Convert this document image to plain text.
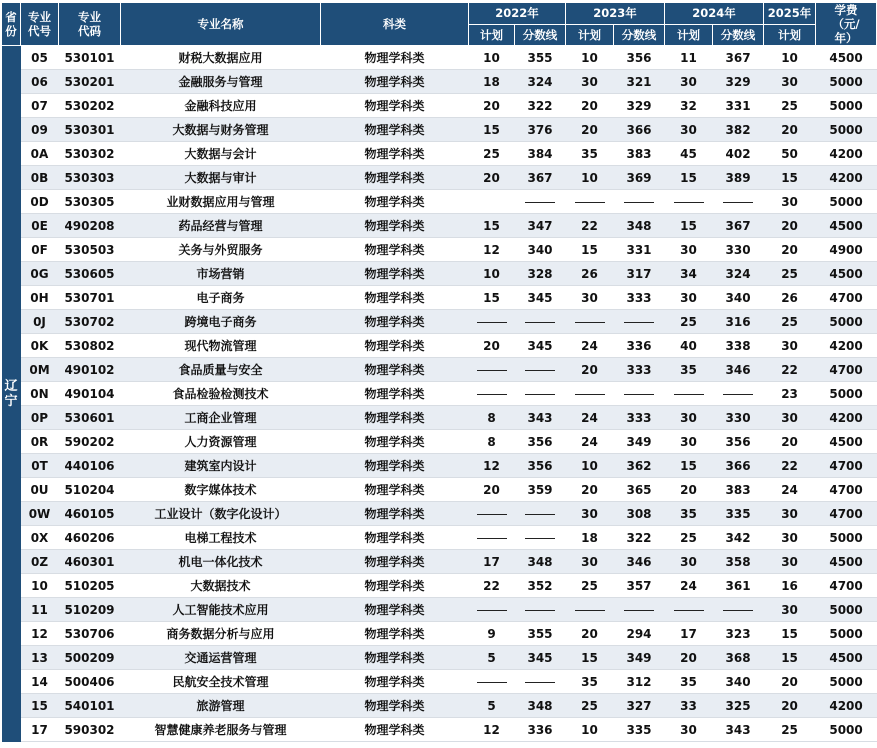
省份	专业代号	专业代码	专业名称	科类	2022年		2023年		2024年		2025年	学费（元/年）
					计划	分数线	计划	分数线	计划	分数线	计划	
辽宁	05	530101	财税大数据应用	物理学科类	10	355	10	356	11	367	10	4500
	06	530201	金融服务与管理	物理学科类	18	324	30	321	30	329	30	5000
	07	530202	金融科技应用	物理学科类	20	322	20	329	32	331	25	5000
	09	530301	大数据与财务管理	物理学科类	15	376	20	366	30	382	20	5000
	0A	530302	大数据与会计	物理学科类	25	384	35	383	45	402	50	4200
	0B	530303	大数据与审计	物理学科类	20	367	10	369	15	389	15	4200
	0D	530305	业财数据应用与管理	物理学科类							30	5000
	0E	490208	药品经营与管理	物理学科类	15	347	22	348	15	367	20	4500
	0F	530503	关务与外贸服务	物理学科类	12	340	15	331	30	330	20	4900
	0G	530605	市场营销	物理学科类	10	328	26	317	34	324	25	4500
	0H	530701	电子商务	物理学科类	15	345	30	333	30	340	26	4700
	0J	530702	跨境电子商务	物理学科类					25	316	25	5000
	0K	530802	现代物流管理	物理学科类	20	345	24	336	40	338	30	4200
	0M	490102	食品质量与安全	物理学科类			20	333	35	346	22	4700
	0N	490104	食品检验检测技术	物理学科类							23	5000
	0P	530601	工商企业管理	物理学科类	8	343	24	333	30	330	30	4200
	0R	590202	人力资源管理	物理学科类	8	356	24	349	30	356	20	4500
	0T	440106	建筑室内设计	物理学科类	12	356	10	362	15	366	22	4700
	0U	510204	数字媒体技术	物理学科类	20	359	20	365	20	383	24	4700
	0W	460105	工业设计（数字化设计）	物理学科类			30	308	35	335	30	4700
	0X	460206	电梯工程技术	物理学科类			18	322	25	342	30	5000
	0Z	460301	机电一体化技术	物理学科类	17	348	30	346	30	358	30	4500
	10	510205	大数据技术	物理学科类	22	352	25	357	24	361	16	4700
	11	510209	人工智能技术应用	物理学科类							30	5000
	12	530706	商务数据分析与应用	物理学科类	9	355	20	294	17	323	15	5000
	13	500209	交通运营管理	物理学科类	5	345	15	349	20	368	15	4500
	14	500406	民航安全技术管理	物理学科类			35	312	35	340	20	5000
	15	540101	旅游管理	物理学科类	5	348	25	327	33	325	20	4200
	17	590302	智慧健康养老服务与管理	物理学科类	12	336	10	335	30	343	25	5000
